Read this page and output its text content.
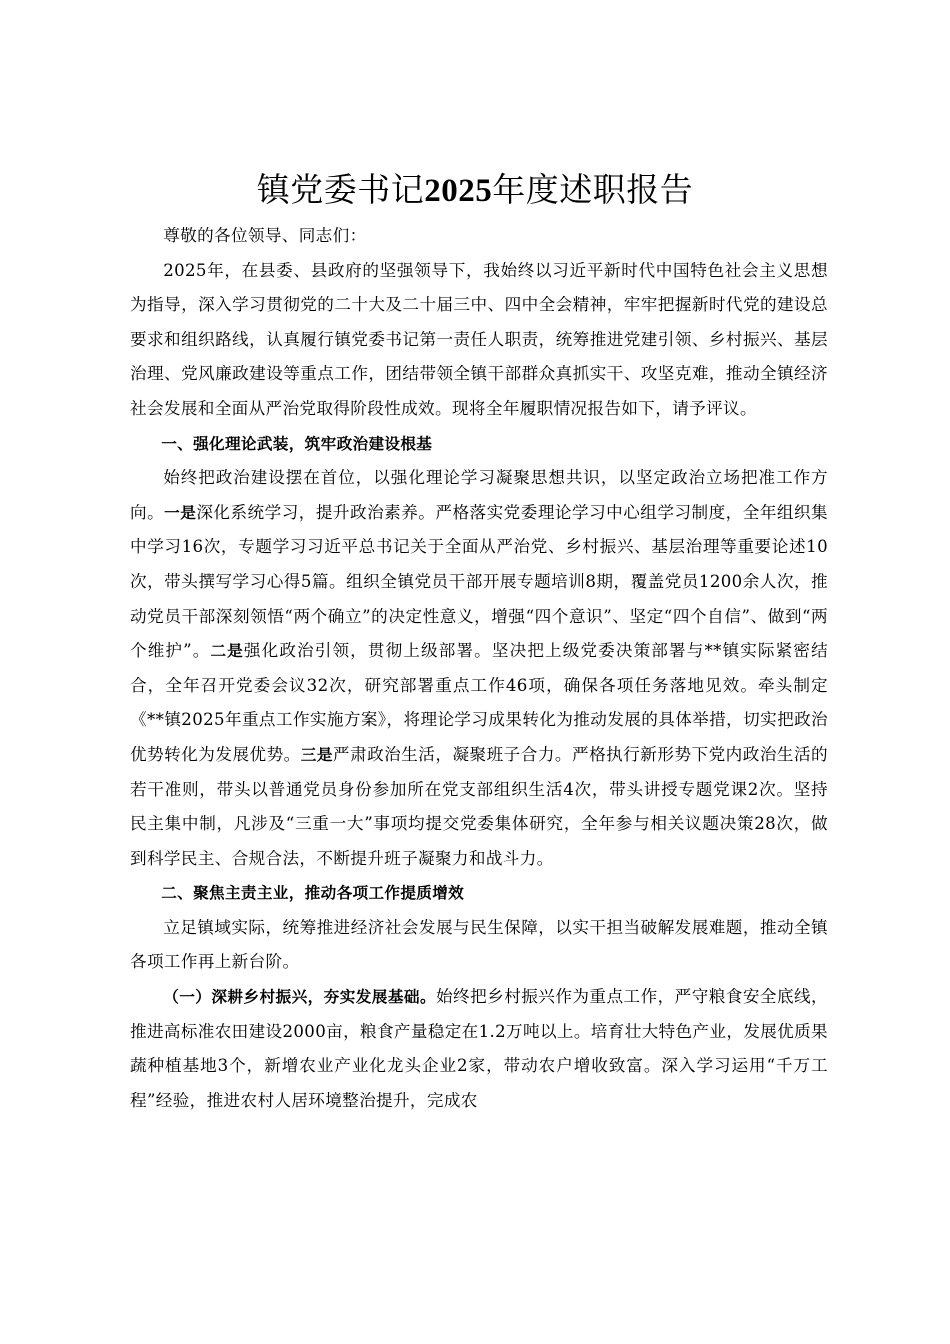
镇党委书记2025年度述职报告

尊敬的各位领导、同志们：

2025年，在县委、县政府的坚强领导下，我始终以习近平新时代中国特色社会主义思想为指导，深入学习贯彻党的二十大及二十届三中、四中全会精神，牢牢把握新时代党的建设总要求和组织路线，认真履行镇党委书记第一责任人职责，统筹推进党建引领、乡村振兴、基层治理、党风廉政建设等重点工作，团结带领全镇干部群众真抓实干、攻坚克难，推动全镇经济社会发展和全面从严治党取得阶段性成效。现将全年履职情况报告如下，请予评议。

一、强化理论武装，筑牢政治建设根基

始终把政治建设摆在首位，以强化理论学习凝聚思想共识，以坚定政治立场把准工作方向。一是深化系统学习，提升政治素养。严格落实党委理论学习中心组学习制度，全年组织集中学习16次，专题学习习近平总书记关于全面从严治党、乡村振兴、基层治理等重要论述10次，带头撰写学习心得5篇。组织全镇党员干部开展专题培训8期，覆盖党员1200余人次，推动党员干部深刻领悟“两个确立”的决定性意义，增强“四个意识”、坚定“四个自信”、做到“两个维护”。二是强化政治引领，贯彻上级部署。坚决把上级党委决策部署与**镇实际紧密结合，全年召开党委会议32次，研究部署重点工作46项，确保各项任务落地见效。牵头制定《**镇2025年重点工作实施方案》，将理论学习成果转化为推动发展的具体举措，切实把政治优势转化为发展优势。三是严肃政治生活，凝聚班子合力。严格执行新形势下党内政治生活的若干准则，带头以普通党员身份参加所在党支部组织生活4次，带头讲授专题党课2次。坚持民主集中制，凡涉及“三重一大”事项均提交党委集体研究，全年参与相关议题决策28次，做到科学民主、合规合法，不断提升班子凝聚力和战斗力。

二、聚焦主责主业，推动各项工作提质增效

立足镇域实际，统筹推进经济社会发展与民生保障，以实干担当破解发展难题，推动全镇各项工作再上新台阶。

（一）深耕乡村振兴，夯实发展基础。始终把乡村振兴作为重点工作，严守粮食安全底线，推进高标准农田建设2000亩，粮食产量稳定在1.2万吨以上。培育壮大特色产业，发展优质果蔬种植基地3个，新增农业产业化龙头企业2家，带动农户增收致富。深入学习运用“千万工程”经验，推进农村人居环境整治提升，完成农
